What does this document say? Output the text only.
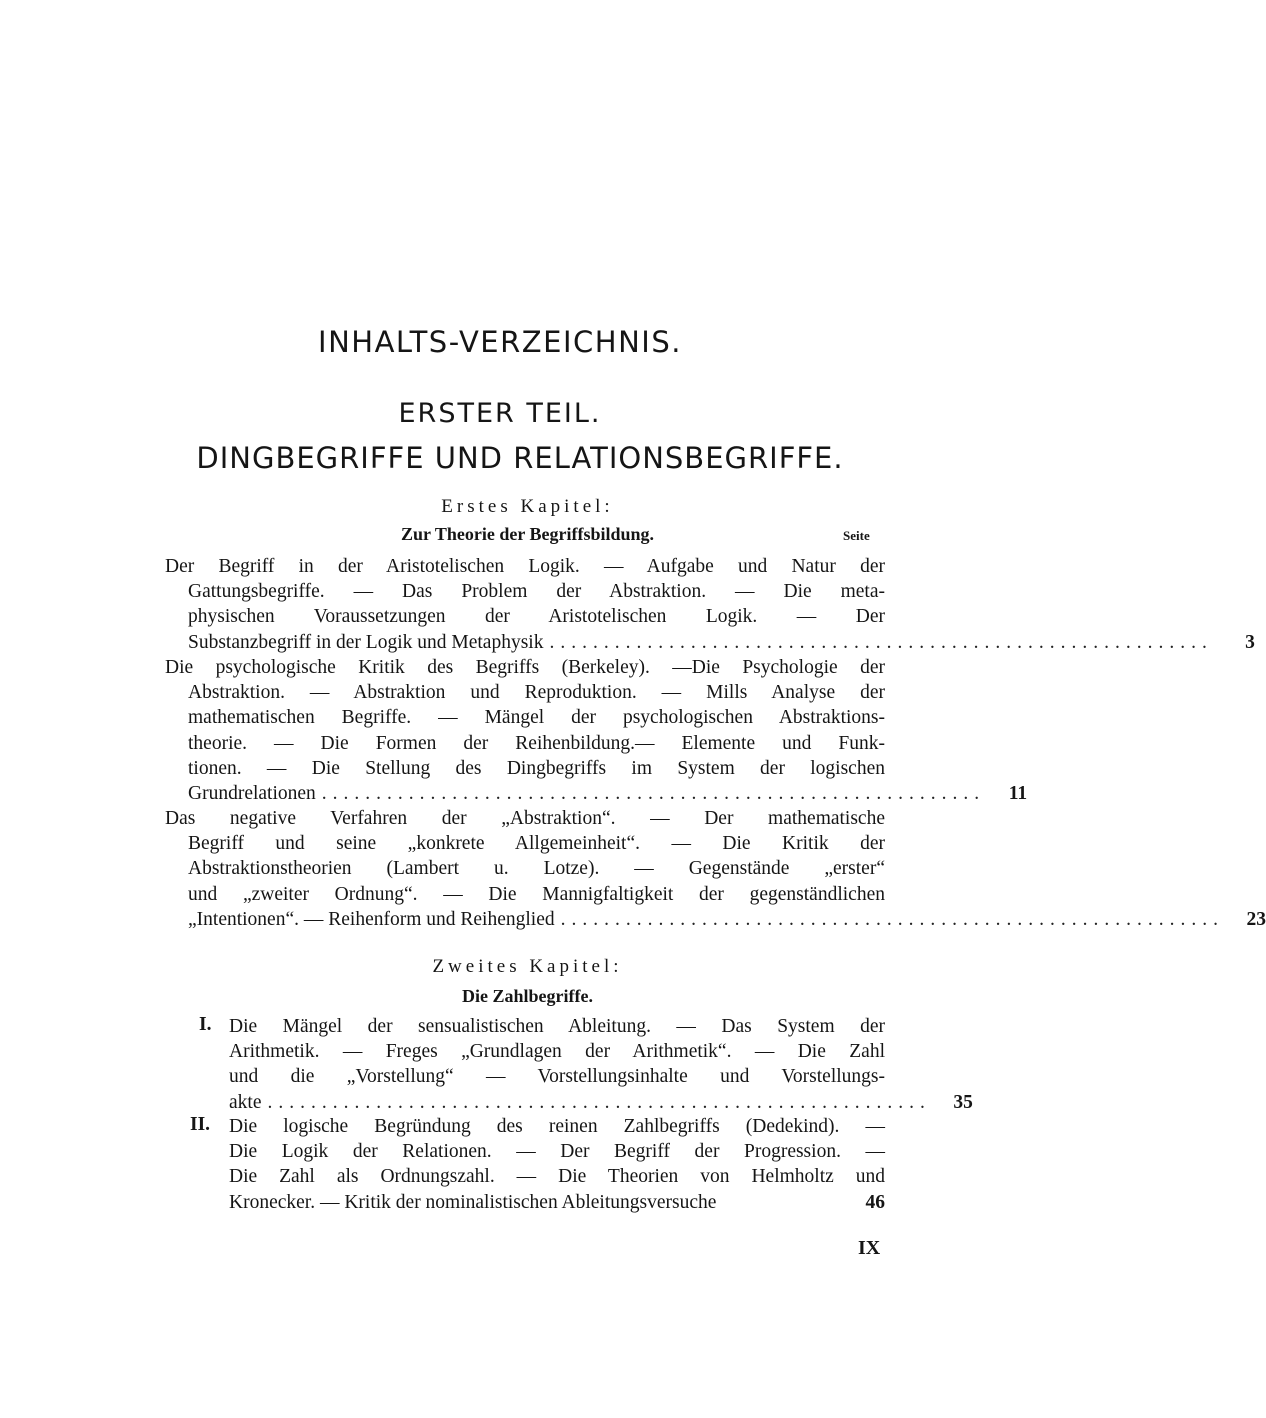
INHALTS-VERZEICHNIS.
ERSTER TEIL.
DINGBEGRIFFE UND RELATIONSBEGRIFFE.
Erstes Kapitel:
Zur Theorie der Begriffsbildung.	Seite
Der Begriff in der Aristotelischen Logik. — Aufgabe und Natur der
Gattungsbegriffe. — Das Problem der Abstraktion. — Die meta-
physischen Voraussetzungen der Aristotelischen Logik. — Der
Substanzbegriff in der Logik und Metaphysik .............................................................	3
Die psychologische Kritik des Begriffs (Berkeley). —Die Psychologie der
Abstraktion. — Abstraktion und Reproduktion. — Mills Analyse der
mathematischen Begriffe. — Mängel der psychologischen Abstraktions-
theorie. — Die Formen der Reihenbildung.— Elemente und Funk-
tionen. — Die Stellung des Dingbegriffs im System der logischen
Grundrelationen .............................................................	11
Das negative Verfahren der „Abstraktion“. — Der mathematische
Begriff und seine „konkrete Allgemeinheit“. — Die Kritik der
Abstraktionstheorien (Lambert u. Lotze). — Gegenstände „erster“
und „zweiter Ordnung“. — Die Mannigfaltigkeit der gegenständlichen
„Intentionen“. — Reihenform und Reihenglied .............................................................	23
Zweites Kapitel:
Die Zahlbegriffe.
I. Die Mängel der sensualistischen Ableitung. — Das System der
Arithmetik. — Freges „Grundlagen der Arithmetik“. — Die Zahl
und die „Vorstellung“ — Vorstellungsinhalte und Vorstellungs-
akte .............................................................	35
II. Die logische Begründung des reinen Zahlbegriffs (Dedekind). —
Die Logik der Relationen. — Der Begriff der Progression. —
Die Zahl als Ordnungszahl. — Die Theorien von Helmholtz und
Kronecker. — Kritik der nominalistischen Ableitungsversuche	46
IX
